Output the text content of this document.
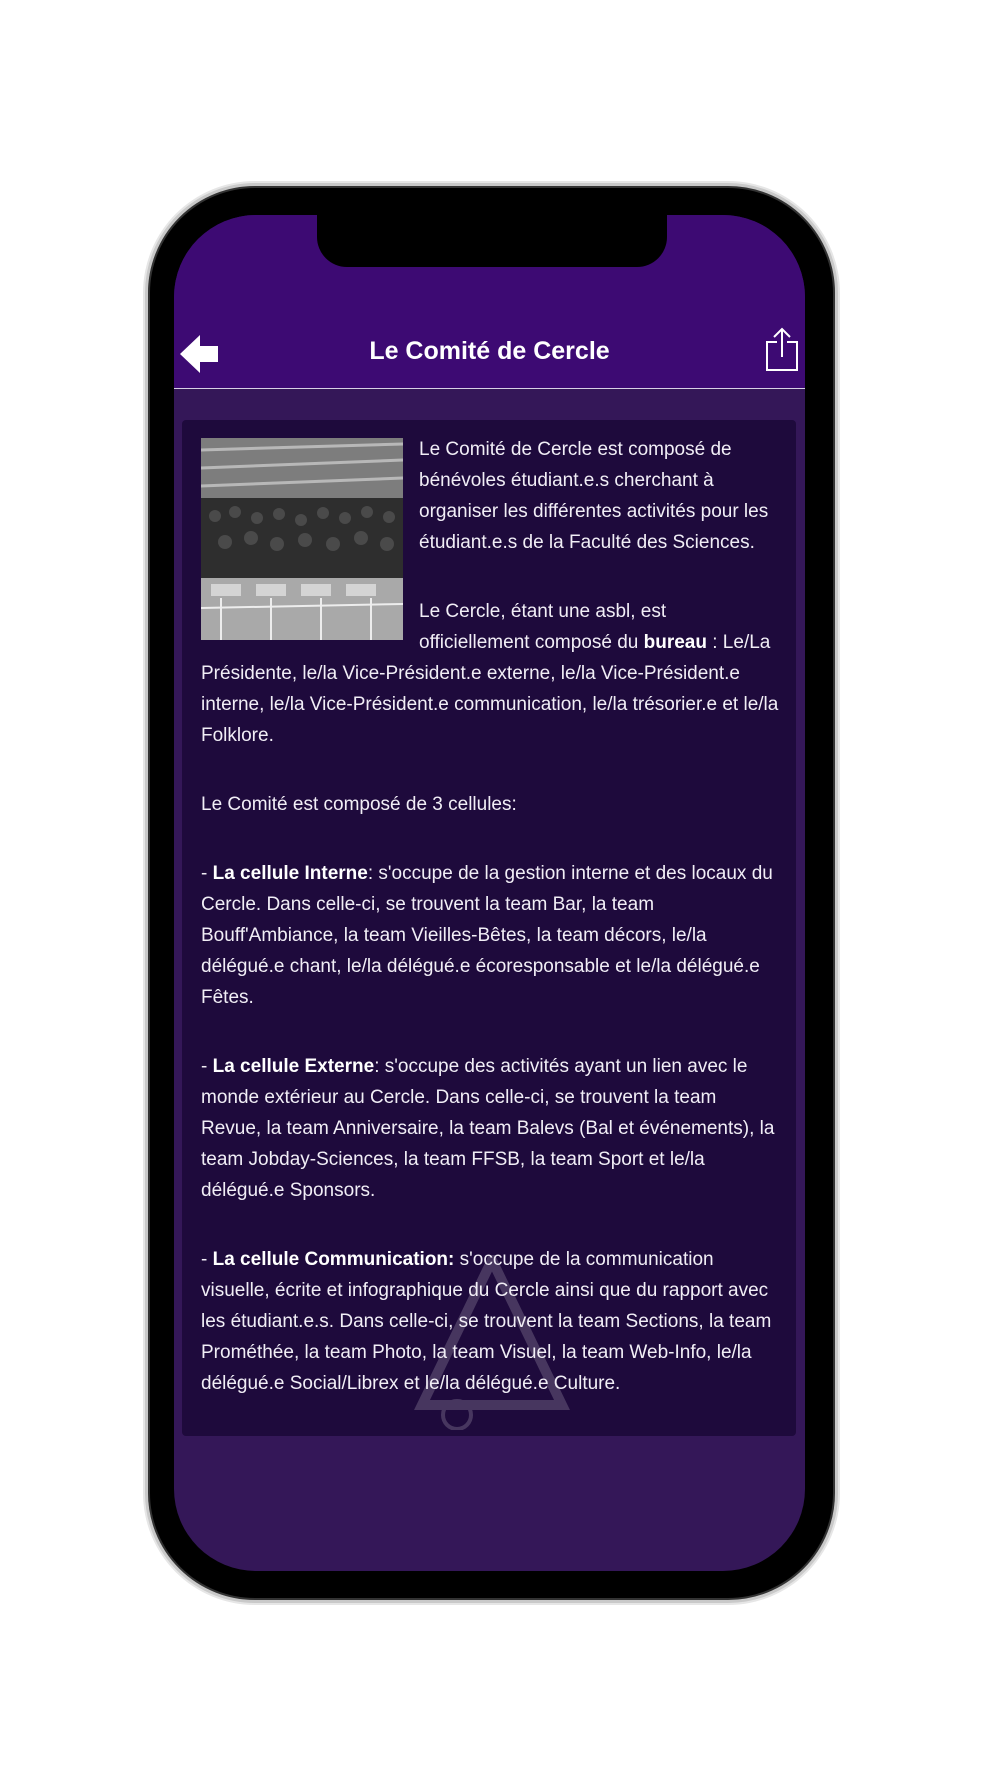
Le Comité de Cercle

Le Comité de Cercle est composé de bénévoles étudiant.e.s cherchant à organiser les différentes activités pour les étudiant.e.s de la Faculté des Sciences.

Le Cercle, étant une asbl, est officiellement composé du bureau : Le/La Présidente, le/la Vice-Président.e externe, le/la Vice-Président.e interne, le/la Vice-Président.e communication, le/la trésorier.e et le/la Folklore.

Le Comité est composé de 3 cellules:

- La cellule Interne: s'occupe de la gestion interne et des locaux du Cercle. Dans celle-ci, se trouvent la team Bar, la team Bouff'Ambiance, la team Vieilles-Bêtes, la team décors, le/la délégué.e chant, le/la délégué.e écoresponsable et le/la délégué.e Fêtes.

- La cellule Externe: s'occupe des activités ayant un lien avec le monde extérieur au Cercle. Dans celle-ci, se trouvent la team Revue, la team Anniversaire, la team Balevs (Bal et événements), la team Jobday-Sciences, la team FFSB, la team Sport et le/la délégué.e Sponsors.

- La cellule Communication: s'occupe de la communication visuelle, écrite et infographique du Cercle ainsi que du rapport avec les étudiant.e.s. Dans celle-ci, se trouvent la team Sections, la team Prométhée, la team Photo, la team Visuel, la team Web-Info, le/la délégué.e Social/Librex et le/la délégué.e Culture.
